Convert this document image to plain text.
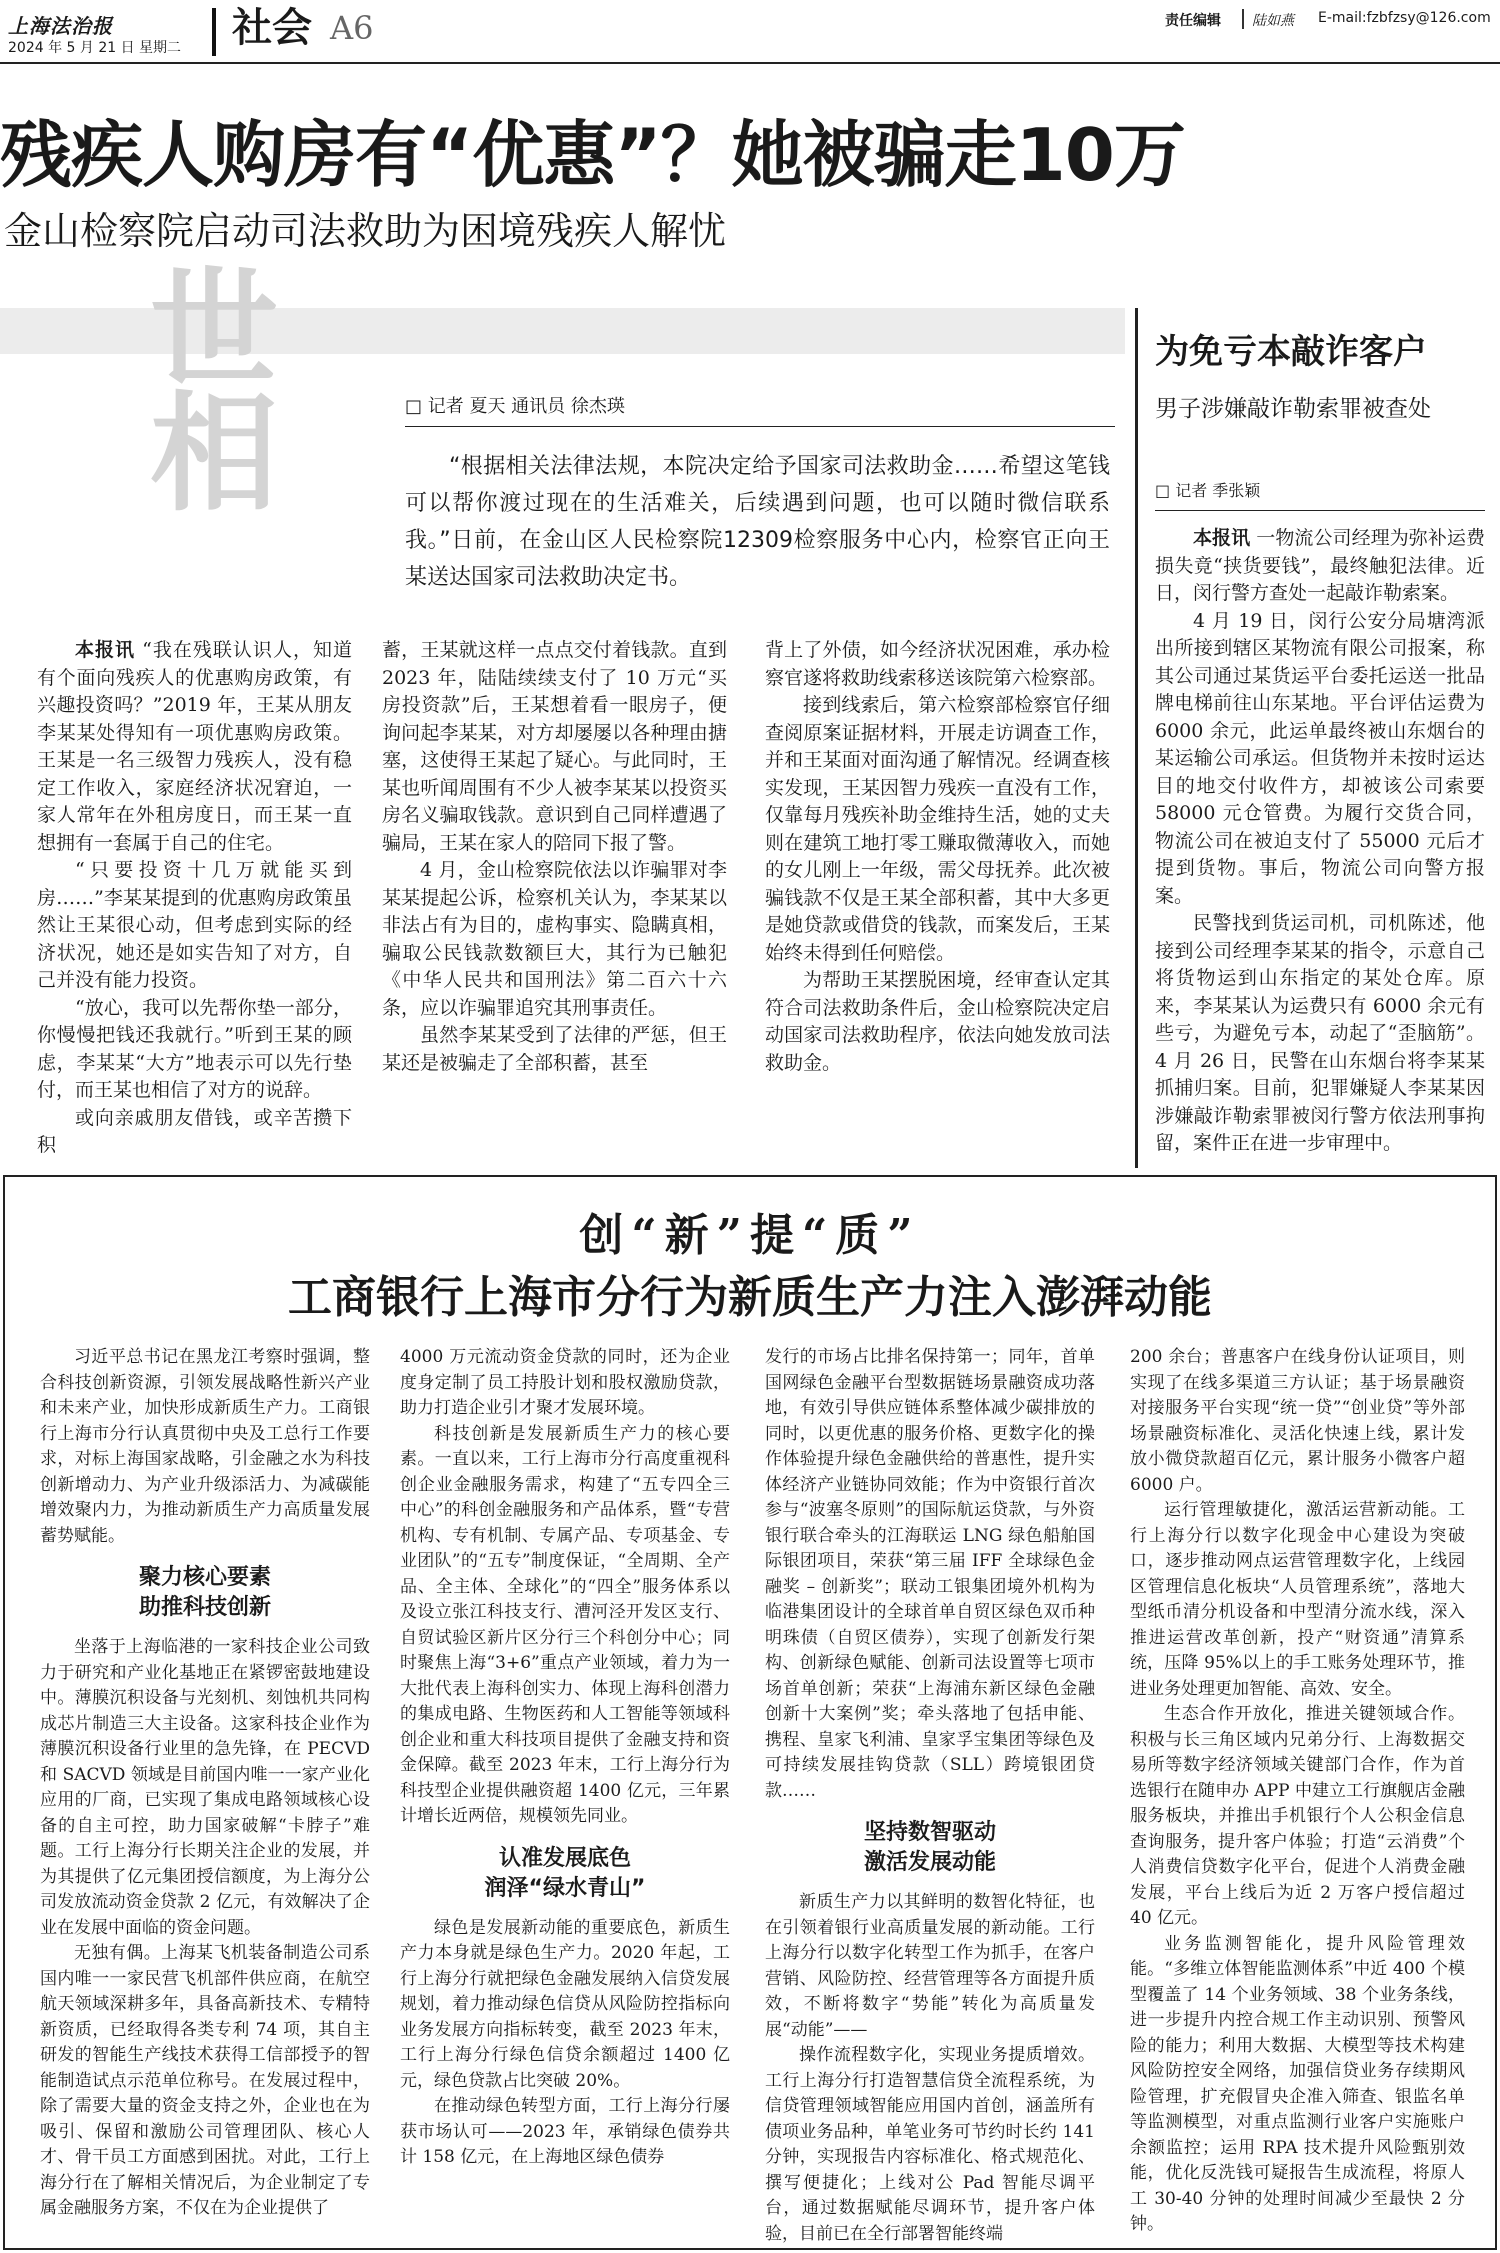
上海法治报
2024 年 5 月 21 日 星期二 社会 A6	责任编辑 陆如燕 E-mail:fzbfzsy@126.com
残疾人购房有“优惠”？她被骗走10万
金山检察院启动司法救助为困境残疾人解忧
世相	□ 记者 夏天 通讯员 徐杰瑛
“根据相关法律法规，本院决定给予国家司法救助金……希望这笔钱可以帮你渡过现在的生活难关，后续遇到问题，也可以随时微信联系我。”日前，在金山区人民检察院12309检察服务中心内，检察官正向王某送达国家司法救助决定书。

本报讯 “我在残联认识人，知道有个面向残疾人的优惠购房政策，有兴趣投资吗？”2019 年，王某从朋友李某某处得知有一项优惠购房政策。王某是一名三级智力残疾人，没有稳定工作收入，家庭经济状况窘迫，一家人常年在外租房度日，而王某一直想拥有一套属于自己的住宅。

“只要投资十几万就能买到房……”李某某提到的优惠购房政策虽然让王某很心动，但考虑到实际的经济状况，她还是如实告知了对方，自己并没有能力投资。

“放心，我可以先帮你垫一部分，你慢慢把钱还我就行。”听到王某的顾虑，李某某“大方”地表示可以先行垫付，而王某也相信了对方的说辞。

或向亲戚朋友借钱，或辛苦攒下积

蓄，王某就这样一点点交付着钱款。直到 2023 年，陆陆续续支付了 10 万元“买房投资款”后，王某想着看一眼房子，便询问起李某某，对方却屡屡以各种理由搪塞，这使得王某起了疑心。与此同时，王某也听闻周围有不少人被李某某以投资买房名义骗取钱款。意识到自己同样遭遇了骗局，王某在家人的陪同下报了警。

4 月，金山检察院依法以诈骗罪对李某某提起公诉，检察机关认为，李某某以非法占有为目的，虚构事实、隐瞒真相，骗取公民钱款数额巨大，其行为已触犯《中华人民共和国刑法》第二百六十六条，应以诈骗罪追究其刑事责任。

虽然李某某受到了法律的严惩，但王某还是被骗走了全部积蓄，甚至

背上了外债，如今经济状况困难，承办检察官遂将救助线索移送该院第六检察部。

接到线索后，第六检察部检察官仔细查阅原案证据材料，开展走访调查工作，并和王某面对面沟通了解情况。经调查核实发现，王某因智力残疾一直没有工作，仅靠每月残疾补助金维持生活，她的丈夫则在建筑工地打零工赚取微薄收入，而她的女儿刚上一年级，需父母抚养。此次被骗钱款不仅是王某全部积蓄，其中大多更是她贷款或借贷的钱款，而案发后，王某始终未得到任何赔偿。

为帮助王某摆脱困境，经审查认定其符合司法救助条件后，金山检察院决定启动国家司法救助程序，依法向她发放司法救助金。

为免亏本敲诈客户
男子涉嫌敲诈勒索罪被查处
□ 记者 季张颖

本报讯 一物流公司经理为弥补运费损失竟“挟货要钱”，最终触犯法律。近日，闵行警方查处一起敲诈勒索案。

4 月 19 日，闵行公安分局塘湾派出所接到辖区某物流有限公司报案，称其公司通过某货运平台委托运送一批品牌电梯前往山东某地。平台评估运费为 6000 余元，此运单最终被山东烟台的某运输公司承运。但货物并未按时运达目的地交付收件方，却被该公司索要 58000 元仓管费。为履行交货合同，物流公司在被迫支付了 55000 元后才提到货物。事后，物流公司向警方报案。

民警找到货运司机，司机陈述，他接到公司经理李某某的指令，示意自己将货物运到山东指定的某处仓库。原来，李某某认为运费只有 6000 余元有些亏，为避免亏本，动起了“歪脑筋”。4 月 26 日，民警在山东烟台将李某某抓捕归案。目前，犯罪嫌疑人李某某因涉嫌敲诈勒索罪被闵行警方依法刑事拘留，案件正在进一步审理中。

创“新”提“质”
工商银行上海市分行为新质生产力注入澎湃动能

习近平总书记在黑龙江考察时强调，整合科技创新资源，引领发展战略性新兴产业和未来产业，加快形成新质生产力。工商银行上海市分行认真贯彻中央及工总行工作要求，对标上海国家战略，引金融之水为科技创新增动力、为产业升级添活力、为减碳能增效聚内力，为推动新质生产力高质量发展蓄势赋能。

聚力核心要素
助推科技创新

坐落于上海临港的一家科技企业公司致力于研究和产业化基地正在紧锣密鼓地建设中。薄膜沉积设备与光刻机、刻蚀机共同构成芯片制造三大主设备。这家科技企业作为薄膜沉积设备行业里的急先锋，在 PECVD 和 SACVD 领域是目前国内唯一一家产业化应用的厂商，已实现了集成电路领域核心设备的自主可控，助力国家破解“卡脖子”难题。工行上海分行长期关注企业的发展，并为其提供了亿元集团授信额度，为上海分公司发放流动资金贷款 2 亿元，有效解决了企业在发展中面临的资金问题。

无独有偶。上海某飞机装备制造公司系国内唯一一家民营飞机部件供应商，在航空航天领域深耕多年，具备高新技术、专精特新资质，已经取得各类专利 74 项，其自主研发的智能生产线技术获得工信部授予的智能制造试点示范单位称号。在发展过程中，除了需要大量的资金支持之外，企业也在为吸引、保留和激励公司管理团队、核心人才、骨干员工方面感到困扰。对此，工行上海分行在了解相关情况后，为企业制定了专属金融服务方案，不仅在为企业提供了

4000 万元流动资金贷款的同时，还为企业度身定制了员工持股计划和股权激励贷款，助力打造企业引才聚才发展环境。

科技创新是发展新质生产力的核心要素。一直以来，工行上海市分行高度重视科创企业金融服务需求，构建了“五专四全三中心”的科创金融服务和产品体系，暨“专营机构、专有机制、专属产品、专项基金、专业团队”的“五专”制度保证，“全周期、全产品、全主体、全球化”的“四全”服务体系以及设立张江科技支行、漕河泾开发区支行、自贸试验区新片区分行三个科创分中心；同时聚焦上海“3+6”重点产业领域，着力为一大批代表上海科创实力、体现上海科创潜力的集成电路、生物医药和人工智能等领域科创企业和重大科技项目提供了金融支持和资金保障。截至 2023 年末，工行上海分行为科技型企业提供融资超 1400 亿元，三年累计增长近两倍，规模领先同业。

认准发展底色
润泽“绿水青山”

绿色是发展新动能的重要底色，新质生产力本身就是绿色生产力。2020 年起，工行上海分行就把绿色金融发展纳入信贷发展规划，着力推动绿色信贷从风险防控指标向业务发展方向指标转变，截至 2023 年末，工行上海分行绿色信贷余额超过 1400 亿元，绿色贷款占比突破 20%。

在推动绿色转型方面，工行上海分行屡获市场认可——2023 年，承销绿色债券共计 158 亿元，在上海地区绿色债券

发行的市场占比排名保持第一；同年，首单国网绿色金融平台型数据链场景融资成功落地，有效引导供应链体系整体减少碳排放的同时，以更优惠的服务价格、更数字化的操作体验提升绿色金融供给的普惠性，提升实体经济产业链协同效能；作为中资银行首次参与“波塞冬原则”的国际航运贷款，与外资银行联合牵头的江海联运 LNG 绿色船舶国际银团项目，荣获“第三届 IFF 全球绿色金融奖 – 创新奖”；联动工银集团境外机构为临港集团设计的全球首单自贸区绿色双币种明珠债（自贸区债券），实现了创新发行架构、创新绿色赋能、创新司法设置等七项市场首单创新；荣获“上海浦东新区绿色金融创新十大案例”奖；牵头落地了包括申能、携程、皇家飞利浦、皇家孚宝集团等绿色及可持续发展挂钩贷款（SLL）跨境银团贷款……

坚持数智驱动
激活发展动能

新质生产力以其鲜明的数智化特征，也在引领着银行业高质量发展的新动能。工行上海分行以数字化转型工作为抓手，在客户营销、风险防控、经营管理等各方面提升质效，不断将数字“势能”转化为高质量发展“动能”——

操作流程数字化，实现业务提质增效。工行上海分行打造智慧信贷全流程系统，为信贷管理领域智能应用国内首创，涵盖所有债项业务品种，单笔业务可节约时长约 141 分钟，实现报告内容标准化、格式规范化、撰写便捷化；上线对公 Pad 智能尽调平台，通过数据赋能尽调环节，提升客户体验，目前已在全行部署智能终端

200 余台；普惠客户在线身份认证项目，则实现了在线多渠道三方认证；基于场景融资对接服务平台实现“统一贷”“创业贷”等外部场景融资标准化、灵活化快速上线，累计发放小微贷款超百亿元，累计服务小微客户超 6000 户。

运行管理敏捷化，激活运营新动能。工行上海分行以数字化现金中心建设为突破口，逐步推动网点运营管理数字化，上线园区管理信息化板块“人员管理系统”，落地大型纸币清分机设备和中型清分流水线，深入推进运营改革创新，投产“财资通”清算系统，压降 95%以上的手工账务处理环节，推进业务处理更加智能、高效、安全。

生态合作开放化，推进关键领域合作。积极与长三角区域内兄弟分行、上海数据交易所等数字经济领域关键部门合作，作为首选银行在随申办 APP 中建立工行旗舰店金融服务板块，并推出手机银行个人公积金信息查询服务，提升客户体验；打造“云消费”个人消费信贷数字化平台，促进个人消费金融发展，平台上线后为近 2 万客户授信超过 40 亿元。

业务监测智能化，提升风险管理效能。“多维立体智能监测体系”中近 400 个模型覆盖了 14 个业务领域、38 个业务条线，进一步提升内控合规工作主动识别、预警风险的能力；利用大数据、大模型等技术构建风险防控安全网络，加强信贷业务存续期风险管理，扩充假冒央企准入筛查、银监名单等监测模型，对重点监测行业客户实施账户余额监控；运用 RPA 技术提升风险甄别效能，优化反洗钱可疑报告生成流程，将原人工 30-40 分钟的处理时间减少至最快 2 分钟。
